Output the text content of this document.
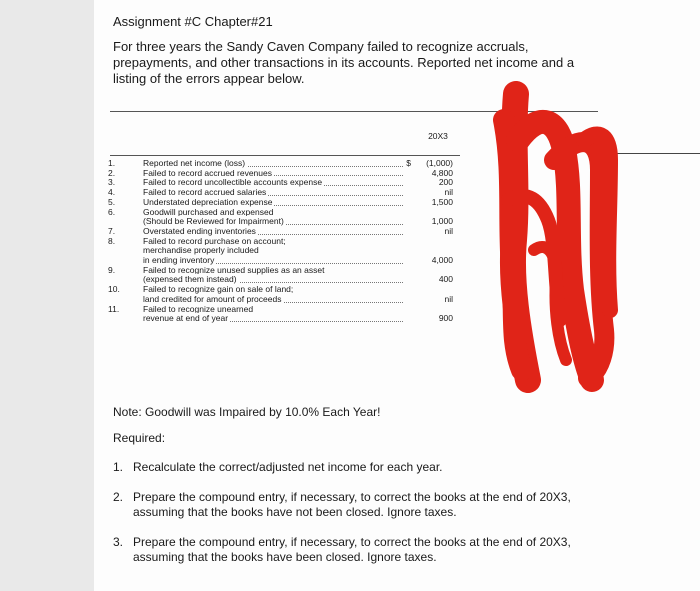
Assignment #C Chapter#21
For three years the Sandy Caven Company failed to recognize accruals, prepayments, and other transactions in its accounts. Reported net income and a listing of the errors appear below.
20X3
1.	Reported net income (loss)	$ (1,000)
2.	Failed to record accrued revenues	4,800
3.	Failed to record uncollectible accounts expense	200
4.	Failed to record accrued salaries	nil
5.	Understated depreciation expense	1,500
6.	Goodwill purchased and expensed
(Should be Reviewed for Impairment)	1,000
7.	Overstated ending inventories	nil
8.	Failed to record purchase on account;
merchandise properly included
in ending inventory	4,000
9.	Failed to recognize unused supplies as an asset
(expensed them instead)	400
10.	Failed to recognize gain on sale of land;
land credited for amount of proceeds	nil
11.	Failed to recognize unearned
revenue at end of year	900
Note: Goodwill was Impaired by 10.0% Each Year!
Required:
1. Recalculate the correct/adjusted net income for each year.
2. Prepare the compound entry, if necessary, to correct the books at the end of 20X3, assuming that the books have not been closed. Ignore taxes.
3. Prepare the compound entry, if necessary, to correct the books at the end of 20X3, assuming that the books have been closed. Ignore taxes.
